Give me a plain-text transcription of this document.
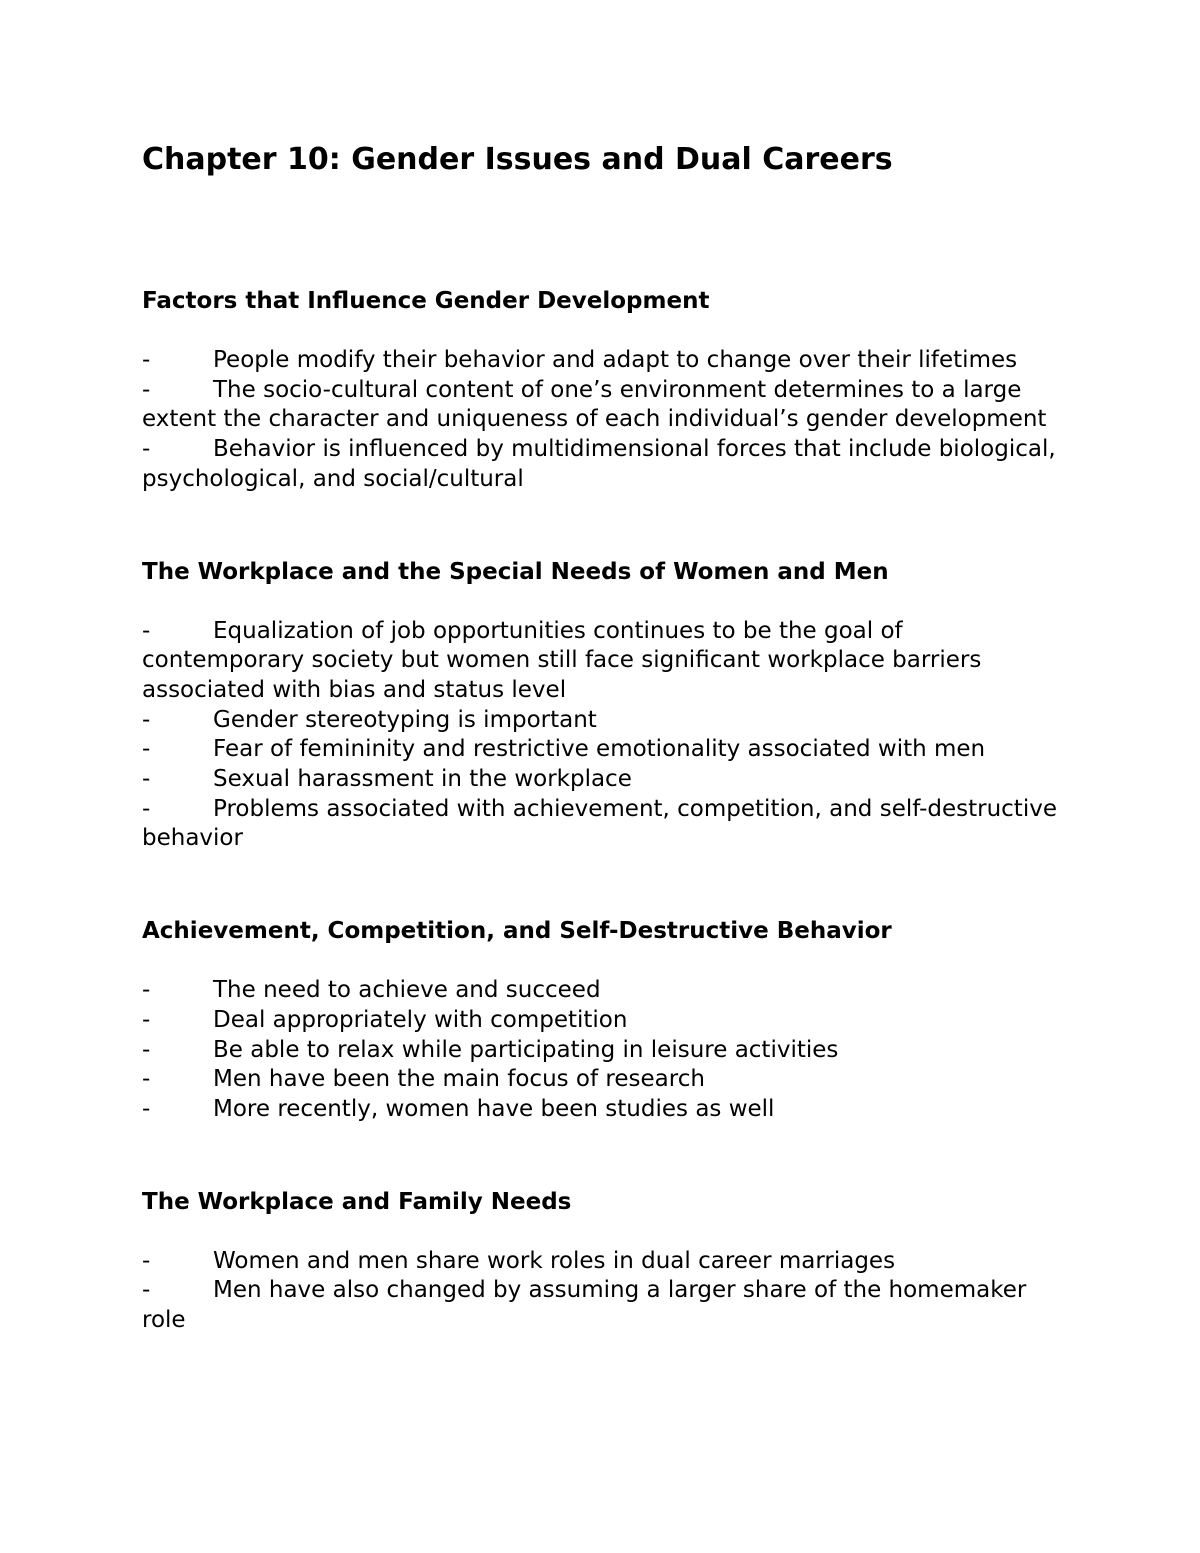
Chapter 10: Gender Issues and Dual Careers
Factors that Influence Gender Development
-	People modify their behavior and adapt to change over their lifetimes
-	The socio-cultural content of one’s environment determines to a large extent the character and uniqueness of each individual’s gender development
-	Behavior is influenced by multidimensional forces that include biological, psychological, and social/cultural
The Workplace and the Special Needs of Women and Men
-	Equalization of job opportunities continues to be the goal of contemporary society but women still face significant workplace barriers associated with bias and status level
-	Gender stereotyping is important
-	Fear of femininity and restrictive emotionality associated with men
-	Sexual harassment in the workplace
-	Problems associated with achievement, competition, and self-destructive behavior
Achievement, Competition, and Self-Destructive Behavior
-	The need to achieve and succeed
-	Deal appropriately with competition
-	Be able to relax while participating in leisure activities
-	Men have been the main focus of research
-	More recently, women have been studies as well
The Workplace and Family Needs
-	Women and men share work roles in dual career marriages
-	Men have also changed by assuming a larger share of the homemaker role
